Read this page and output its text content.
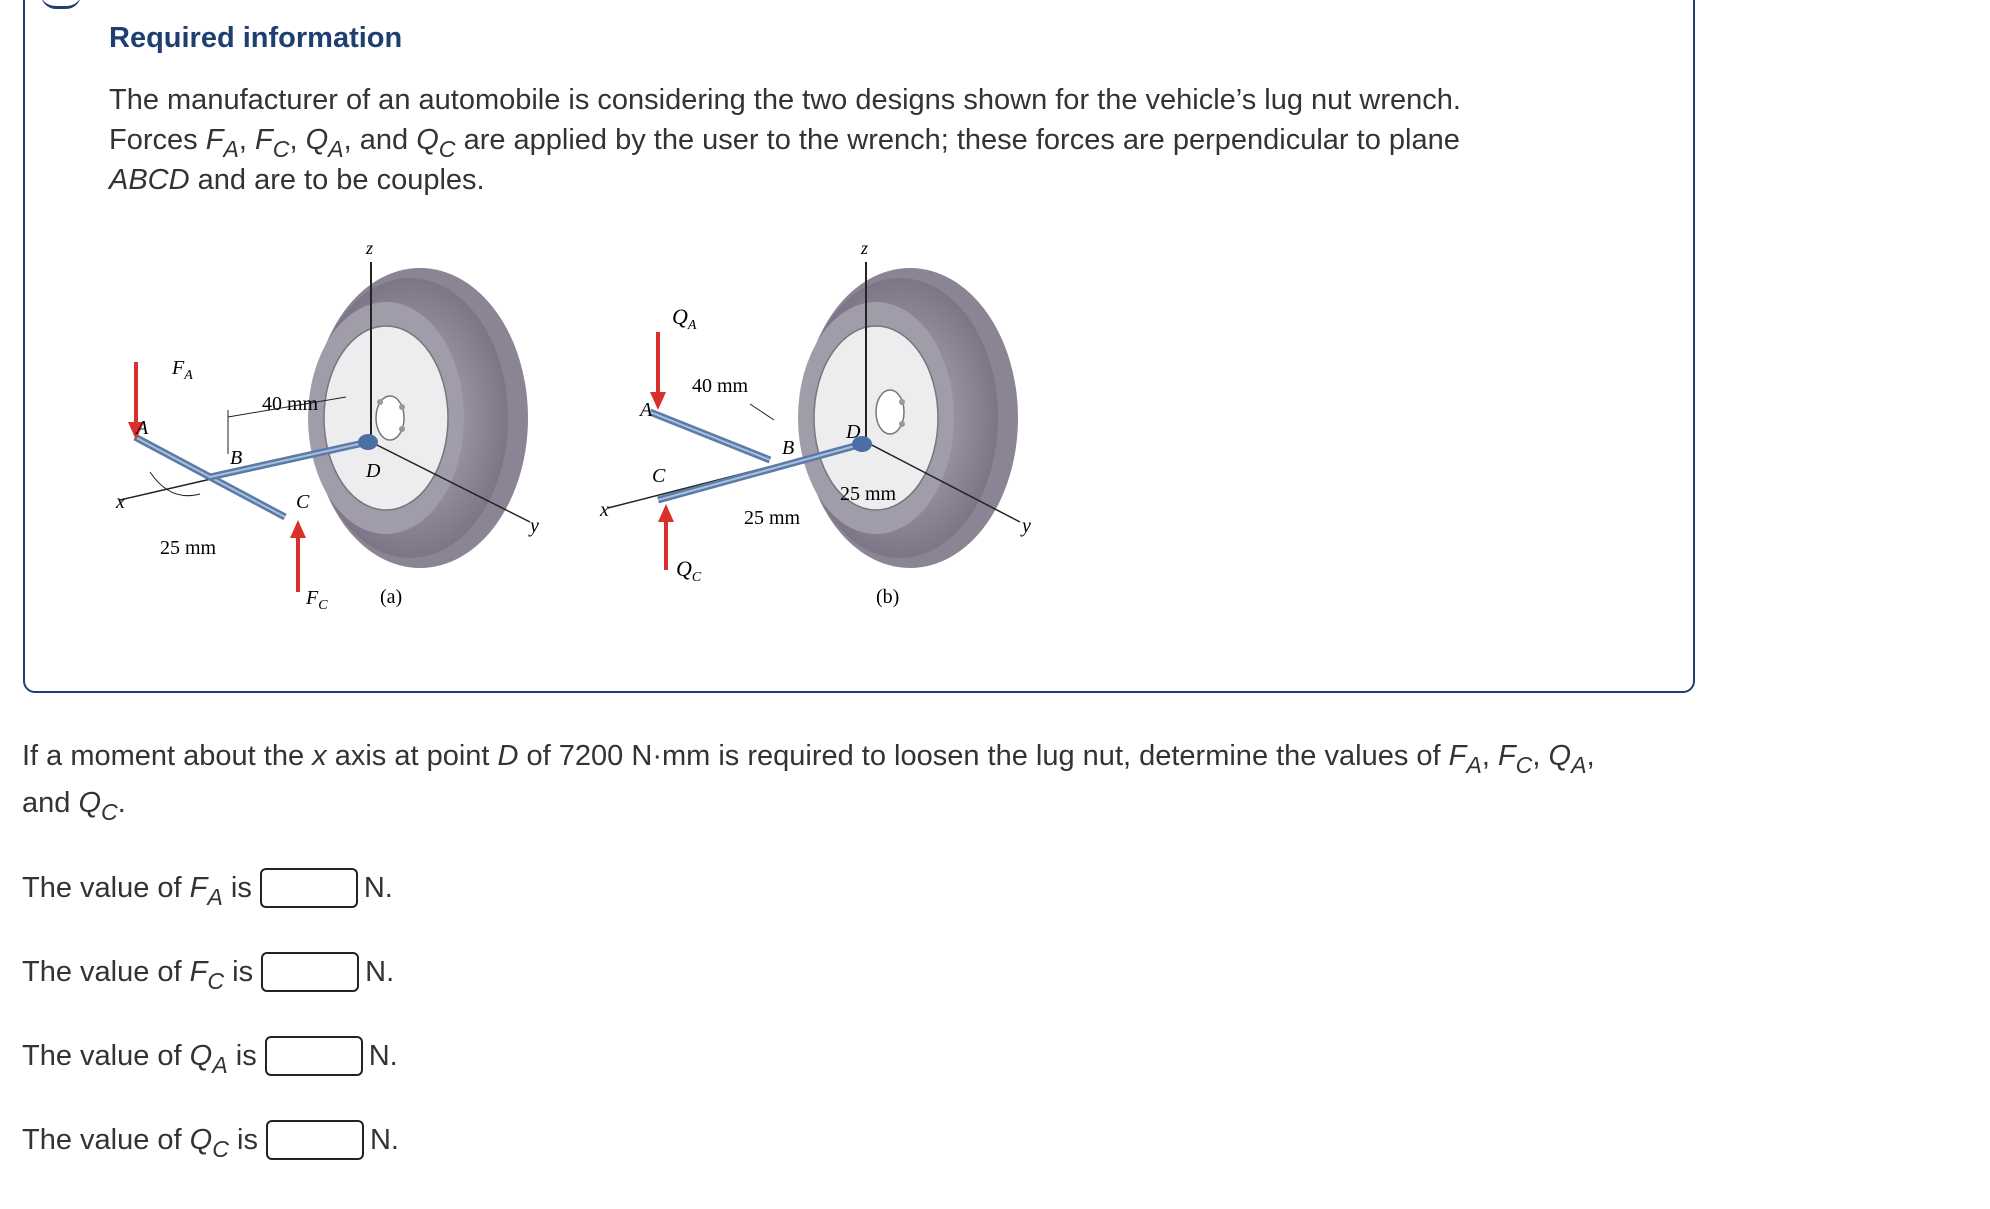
Required information
The manufacturer of an automobile is considering the two designs shown for the vehicle’s lug nut wrench.
Forces $F_A$, $F_C$, $Q_A$, and $Q_C$ are applied by the user to the wrench; these forces are perpendicular to plane
ABCD and are to be couples.
z
y
x
$F_A$
$F_C$
A
B
C
D
40 mm
25 mm
(a)
z
y
x
$Q_A$
$Q_C$
A
B
C
D
40 mm
25 mm
25 mm
(b)
If a moment about the x axis at point D of 7200 N·mm is required to loosen the lug nut, determine the values of $F_A$, $F_C$, $Q_A$,
and $Q_C$.
The value of $F_A$ is	N.
The value of $F_C$ is	N.
The value of $Q_A$ is	N.
The value of $Q_C$ is	N.
